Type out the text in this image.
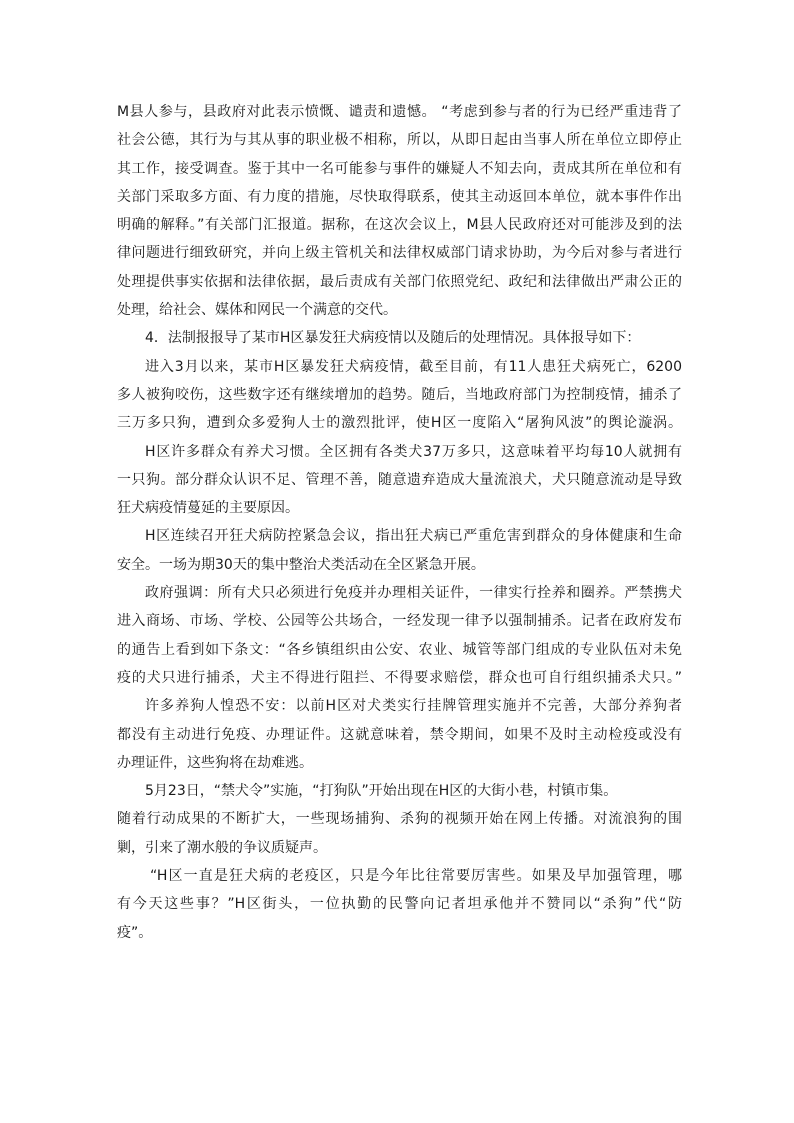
M县人参与，县政府对此表示愤慨、谴责和遗憾。 “考虑到参与者的行为已经严重违背了
社会公德，其行为与其从事的职业极不相称，所以，从即日起由当事人所在单位立即停止
其工作，接受调查。鉴于其中一名可能参与事件的嫌疑人不知去向，责成其所在单位和有
关部门采取多方面、有力度的措施，尽快取得联系，使其主动返回本单位，就本事件作出
明确的解释。”有关部门汇报道。据称，在这次会议上，M县人民政府还对可能涉及到的法
律问题进行细致研究，并向上级主管机关和法律权威部门请求协助，为今后对参与者进行
处理提供事实依据和法律依据，最后责成有关部门依照党纪、政纪和法律做出严肃公正的
处理，给社会、媒体和网民一个满意的交代。
4．法制报报导了某市H区暴发狂犬病疫情以及随后的处理情况。具体报导如下：
进入3月以来，某市H区暴发狂犬病疫情，截至目前，有11人患狂犬病死亡，6200
多人被狗咬伤，这些数字还有继续增加的趋势。随后，当地政府部门为控制疫情，捕杀了
三万多只狗，遭到众多爱狗人士的激烈批评，使H区一度陷入“屠狗风波”的舆论漩涡。
H区许多群众有养犬习惯。全区拥有各类犬37万多只，这意味着平均每10人就拥有
一只狗。部分群众认识不足、管理不善，随意遗弃造成大量流浪犬，犬只随意流动是导致
狂犬病疫情蔓延的主要原因。
H区连续召开狂犬病防控紧急会议，指出狂犬病已严重危害到群众的身体健康和生命
安全。一场为期30天的集中整治犬类活动在全区紧急开展。
政府强调：所有犬只必须进行免疫并办理相关证件，一律实行拴养和圈养。严禁携犬
进入商场、市场、学校、公园等公共场合，一经发现一律予以强制捕杀。记者在政府发布
的通告上看到如下条文：“各乡镇组织由公安、农业、城管等部门组成的专业队伍对未免
疫的犬只进行捕杀，犬主不得进行阻拦、不得要求赔偿，群众也可自行组织捕杀犬只。”
许多养狗人惶恐不安：以前H区对犬类实行挂牌管理实施并不完善，大部分养狗者
都没有主动进行免疫、办理证件。这就意味着，禁令期间，如果不及时主动检疫或没有
办理证件，这些狗将在劫难逃。
5月23日，“禁犬令”实施，“打狗队”开始出现在H区的大街小巷，村镇市集。
随着行动成果的不断扩大，一些现场捕狗、杀狗的视频开始在网上传播。对流浪狗的围
剿，引来了潮水般的争议质疑声。
“H区一直是狂犬病的老疫区，只是今年比往常要厉害些。如果及早加强管理，哪
有今天这些事？”H区街头，一位执勤的民警向记者坦承他并不赞同以“杀狗”代“防
疫”。
